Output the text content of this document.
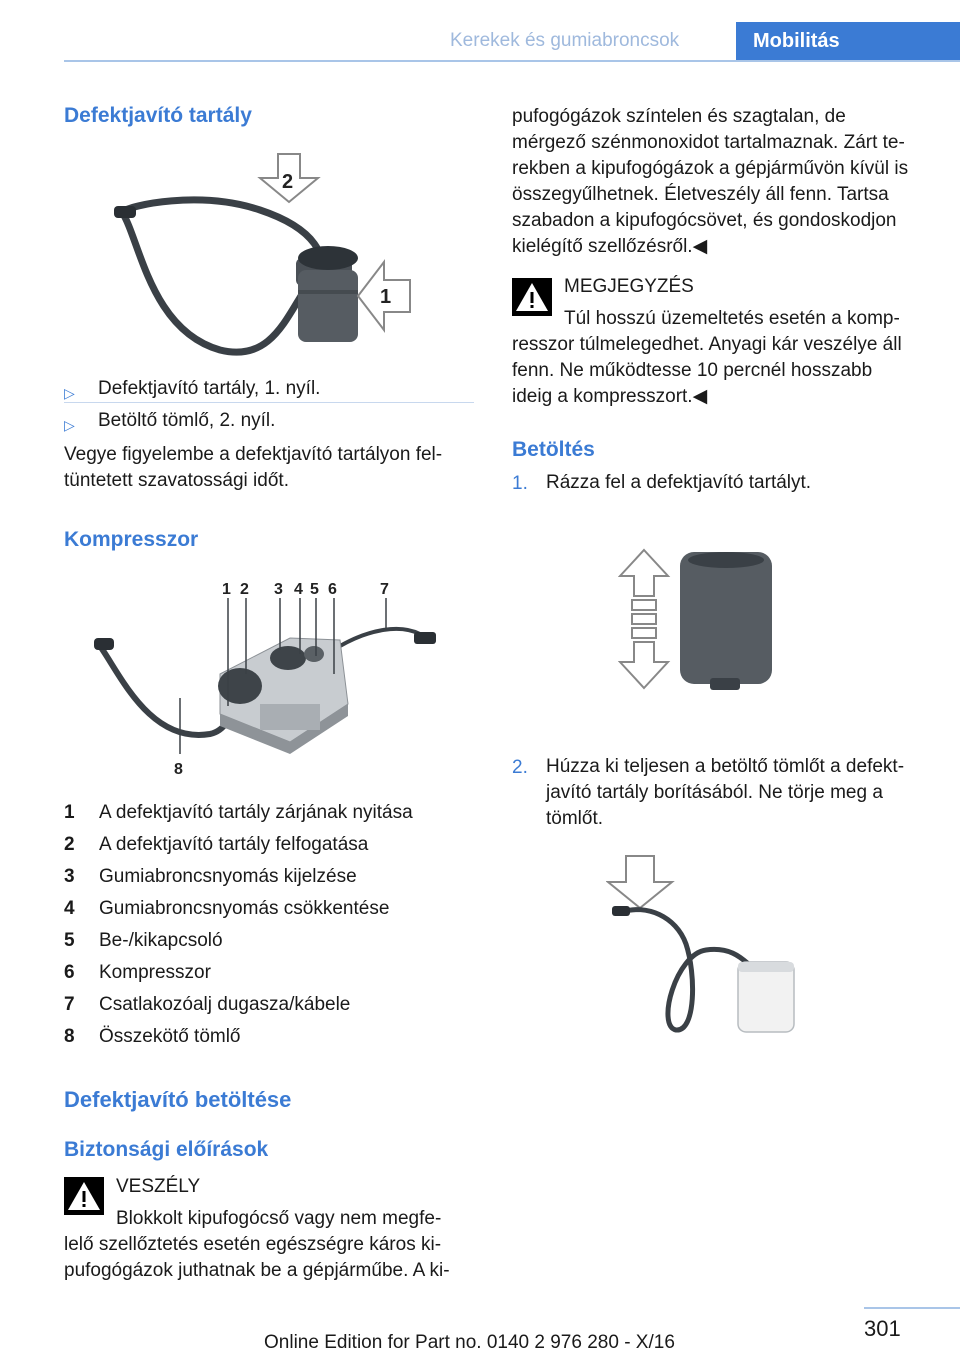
Kerekek és gumiabroncsok	Mobilitás
Defektjavító tartály
2
1
▷ Defektjavító tartály, 1. nyíl.
▷ Betöltő tömlő, 2. nyíl.
Vegye figyelembe a defektjavító tartályon fel‐
tüntetett szavatossági időt.
Kompresszor
1 2 3 4 5 6	7
8
1 A defektjavító tartály zárjának nyitása
2 A defektjavító tartály felfogatása
3 Gumiabroncsnyomás kijelzése
4 Gumiabroncsnyomás csökkentése
5 Be-/kikapcsoló
6 Kompresszor
7 Csatlakozóalj dugasza/kábele
8 Összekötő tömlő
Defektjavító betöltése
Biztonsági előírások
VESZÉLY
Blokkolt kipufogócső vagy nem megfe‐
lelő szellőztetés esetén egészségre káros ki‐
pufogógázok juthatnak be a gépjárműbe. A ki‐
pufogógázok színtelen és szagtalan, de
mérgező szénmonoxidot tartalmaznak. Zárt te‐
rekben a kipufogógázok a gépjárművön kívül is
összegyűlhetnek. Életveszély áll fenn. Tartsa
szabadon a kipufogócsövet, és gondoskodjon
kielégítő szellőzésről.◀
MEGJEGYZÉS
Túl hosszú üzemeltetés esetén a komp‐
resszor túlmelegedhet. Anyagi kár veszélye áll
fenn. Ne működtesse 10 percnél hosszabb
ideig a kompresszort.◀
Betöltés
1. Rázza fel a defektjavító tartályt.
2. Húzza ki teljesen a betöltő tömlőt a defekt‐
javító tartály borításából. Ne törje meg a
tömlőt.
301
Online Edition for Part no. 0140 2 976 280 - X/16
